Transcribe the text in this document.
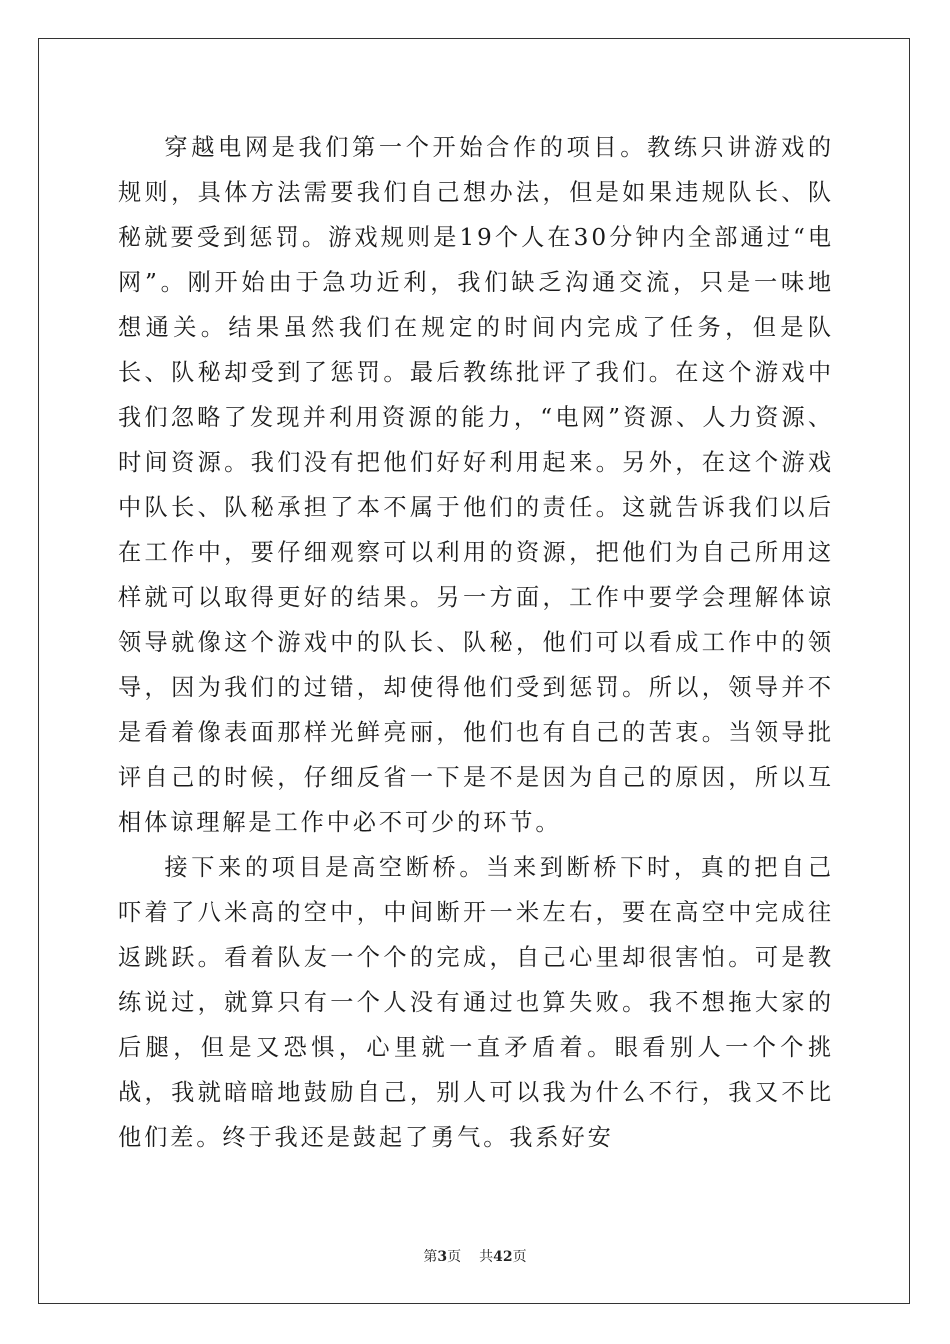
穿越电网是我们第一个开始合作的项目。教练只讲游戏的规则，具体方法需要我们自己想办法，但是如果违规队长、队秘就要受到惩罚。游戏规则是19个人在30分钟内全部通过“电网”。刚开始由于急功近利，我们缺乏沟通交流，只是一味地想通关。结果虽然我们在规定的时间内完成了任务，但是队长、队秘却受到了惩罚。最后教练批评了我们。在这个游戏中我们忽略了发现并利用资源的能力，“电网”资源、人力资源、时间资源。我们没有把他们好好利用起来。另外，在这个游戏中队长、队秘承担了本不属于他们的责任。这就告诉我们以后在工作中，要仔细观察可以利用的资源，把他们为自己所用这样就可以取得更好的结果。另一方面，工作中要学会理解体谅领导就像这个游戏中的队长、队秘，他们可以看成工作中的领导，因为我们的过错，却使得他们受到惩罚。所以，领导并不是看着像表面那样光鲜亮丽，他们也有自己的苦衷。当领导批评自己的时候，仔细反省一下是不是因为自己的原因，所以互相体谅理解是工作中必不可少的环节。

接下来的项目是高空断桥。当来到断桥下时，真的把自己吓着了八米高的空中，中间断开一米左右，要在高空中完成往返跳跃。看着队友一个个的完成，自己心里却很害怕。可是教练说过，就算只有一个人没有通过也算失败。我不想拖大家的后腿，但是又恐惧，心里就一直矛盾着。眼看别人一个个挑战，我就暗暗地鼓励自己，别人可以我为什么不行，我又不比他们差。终于我还是鼓起了勇气。我系好安

第3页 共42页
